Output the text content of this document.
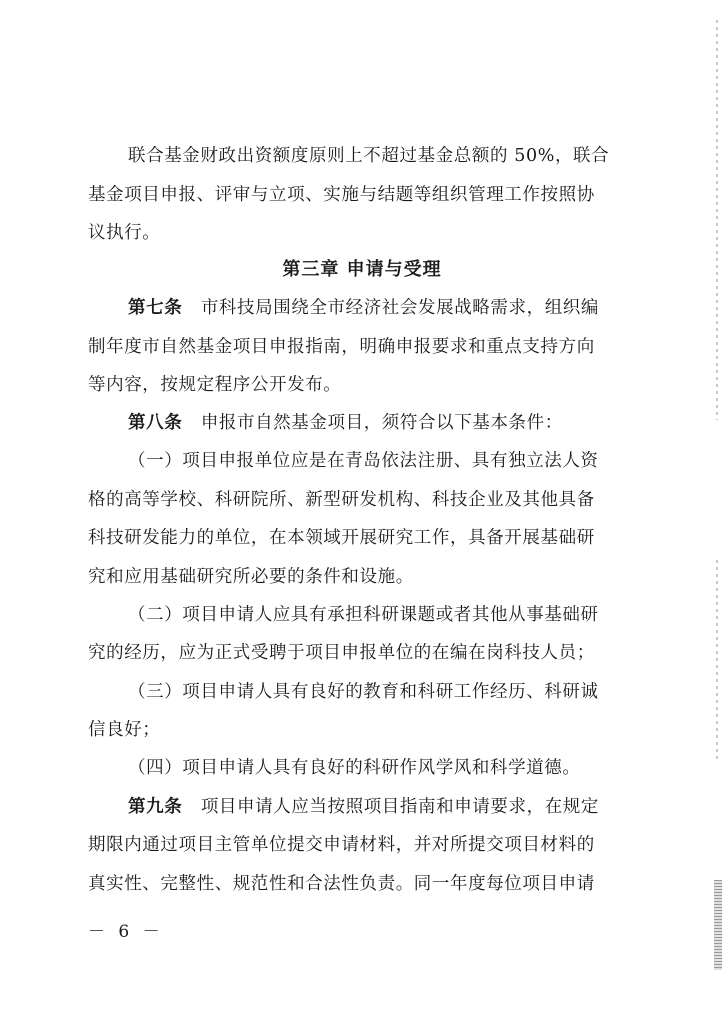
联合基金财政出资额度原则上不超过基金总额的 50%，联合
基金项目申报、评审与立项、实施与结题等组织管理工作按照协
议执行。
第三章 申请与受理
第七条 市科技局围绕全市经济社会发展战略需求，组织编
制年度市自然基金项目申报指南，明确申报要求和重点支持方向
等内容，按规定程序公开发布。
第八条 申报市自然基金项目，须符合以下基本条件：
（一）项目申报单位应是在青岛依法注册、具有独立法人资
格的高等学校、科研院所、新型研发机构、科技企业及其他具备
科技研发能力的单位，在本领域开展研究工作，具备开展基础研
究和应用基础研究所必要的条件和设施。
（二）项目申请人应具有承担科研课题或者其他从事基础研
究的经历，应为正式受聘于项目申报单位的在编在岗科技人员；
（三）项目申请人具有良好的教育和科研工作经历、科研诚
信良好；
（四）项目申请人具有良好的科研作风学风和科学道德。
第九条 项目申请人应当按照项目指南和申请要求，在规定
期限内通过项目主管单位提交申请材料，并对所提交项目材料的
真实性、完整性、规范性和合法性负责。同一年度每位项目申请
－ 6 －
